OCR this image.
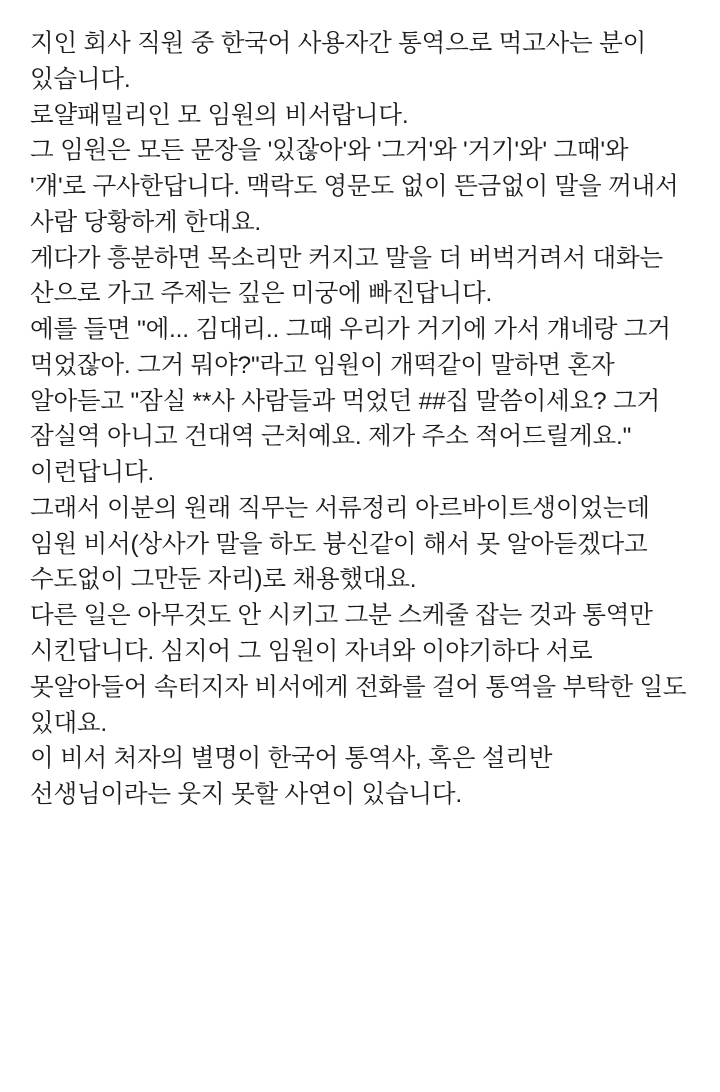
지인 회사 직원 중 한국어 사용자간 통역으로 먹고사는 분이 있습니다.
로얄패밀리인 모 임원의 비서랍니다.

그 임원은 모든 문장을 '있잖아'와 '그거'와 '거기'와' 그때'와 '걔'로 구사한답니다. 맥락도 영문도 없이 뜬금없이 말을 꺼내서 사람 당황하게 한대요.
게다가 흥분하면 목소리만 커지고 말을 더 버벅거려서 대화는 산으로 가고 주제는 깊은 미궁에 빠진답니다.

예를 들면 "에... 김대리.. 그때 우리가 거기에 가서 걔네랑 그거 먹었잖아. 그거 뭐야?"라고 임원이 개떡같이 말하면 혼자 알아듣고 "잠실 **사 사람들과 먹었던 ##집 말씀이세요? 그거 잠실역 아니고 건대역 근처예요. 제가 주소 적어드릴게요." 이런답니다.

그래서 이분의 원래 직무는 서류정리 아르바이트생이었는데 임원 비서(상사가 말을 하도 븅신같이 해서 못 알아듣겠다고 수도없이 그만둔 자리)로 채용했대요.
다른 일은 아무것도 안 시키고 그분 스케줄 잡는 것과 통역만 시킨답니다. 심지어 그 임원이 자녀와 이야기하다 서로 못알아들어 속터지자 비서에게 전화를 걸어 통역을 부탁한 일도 있대요.

이 비서 처자의 별명이 한국어 통역사, 혹은 설리반 선생님이라는 웃지 못할 사연이 있습니다.
